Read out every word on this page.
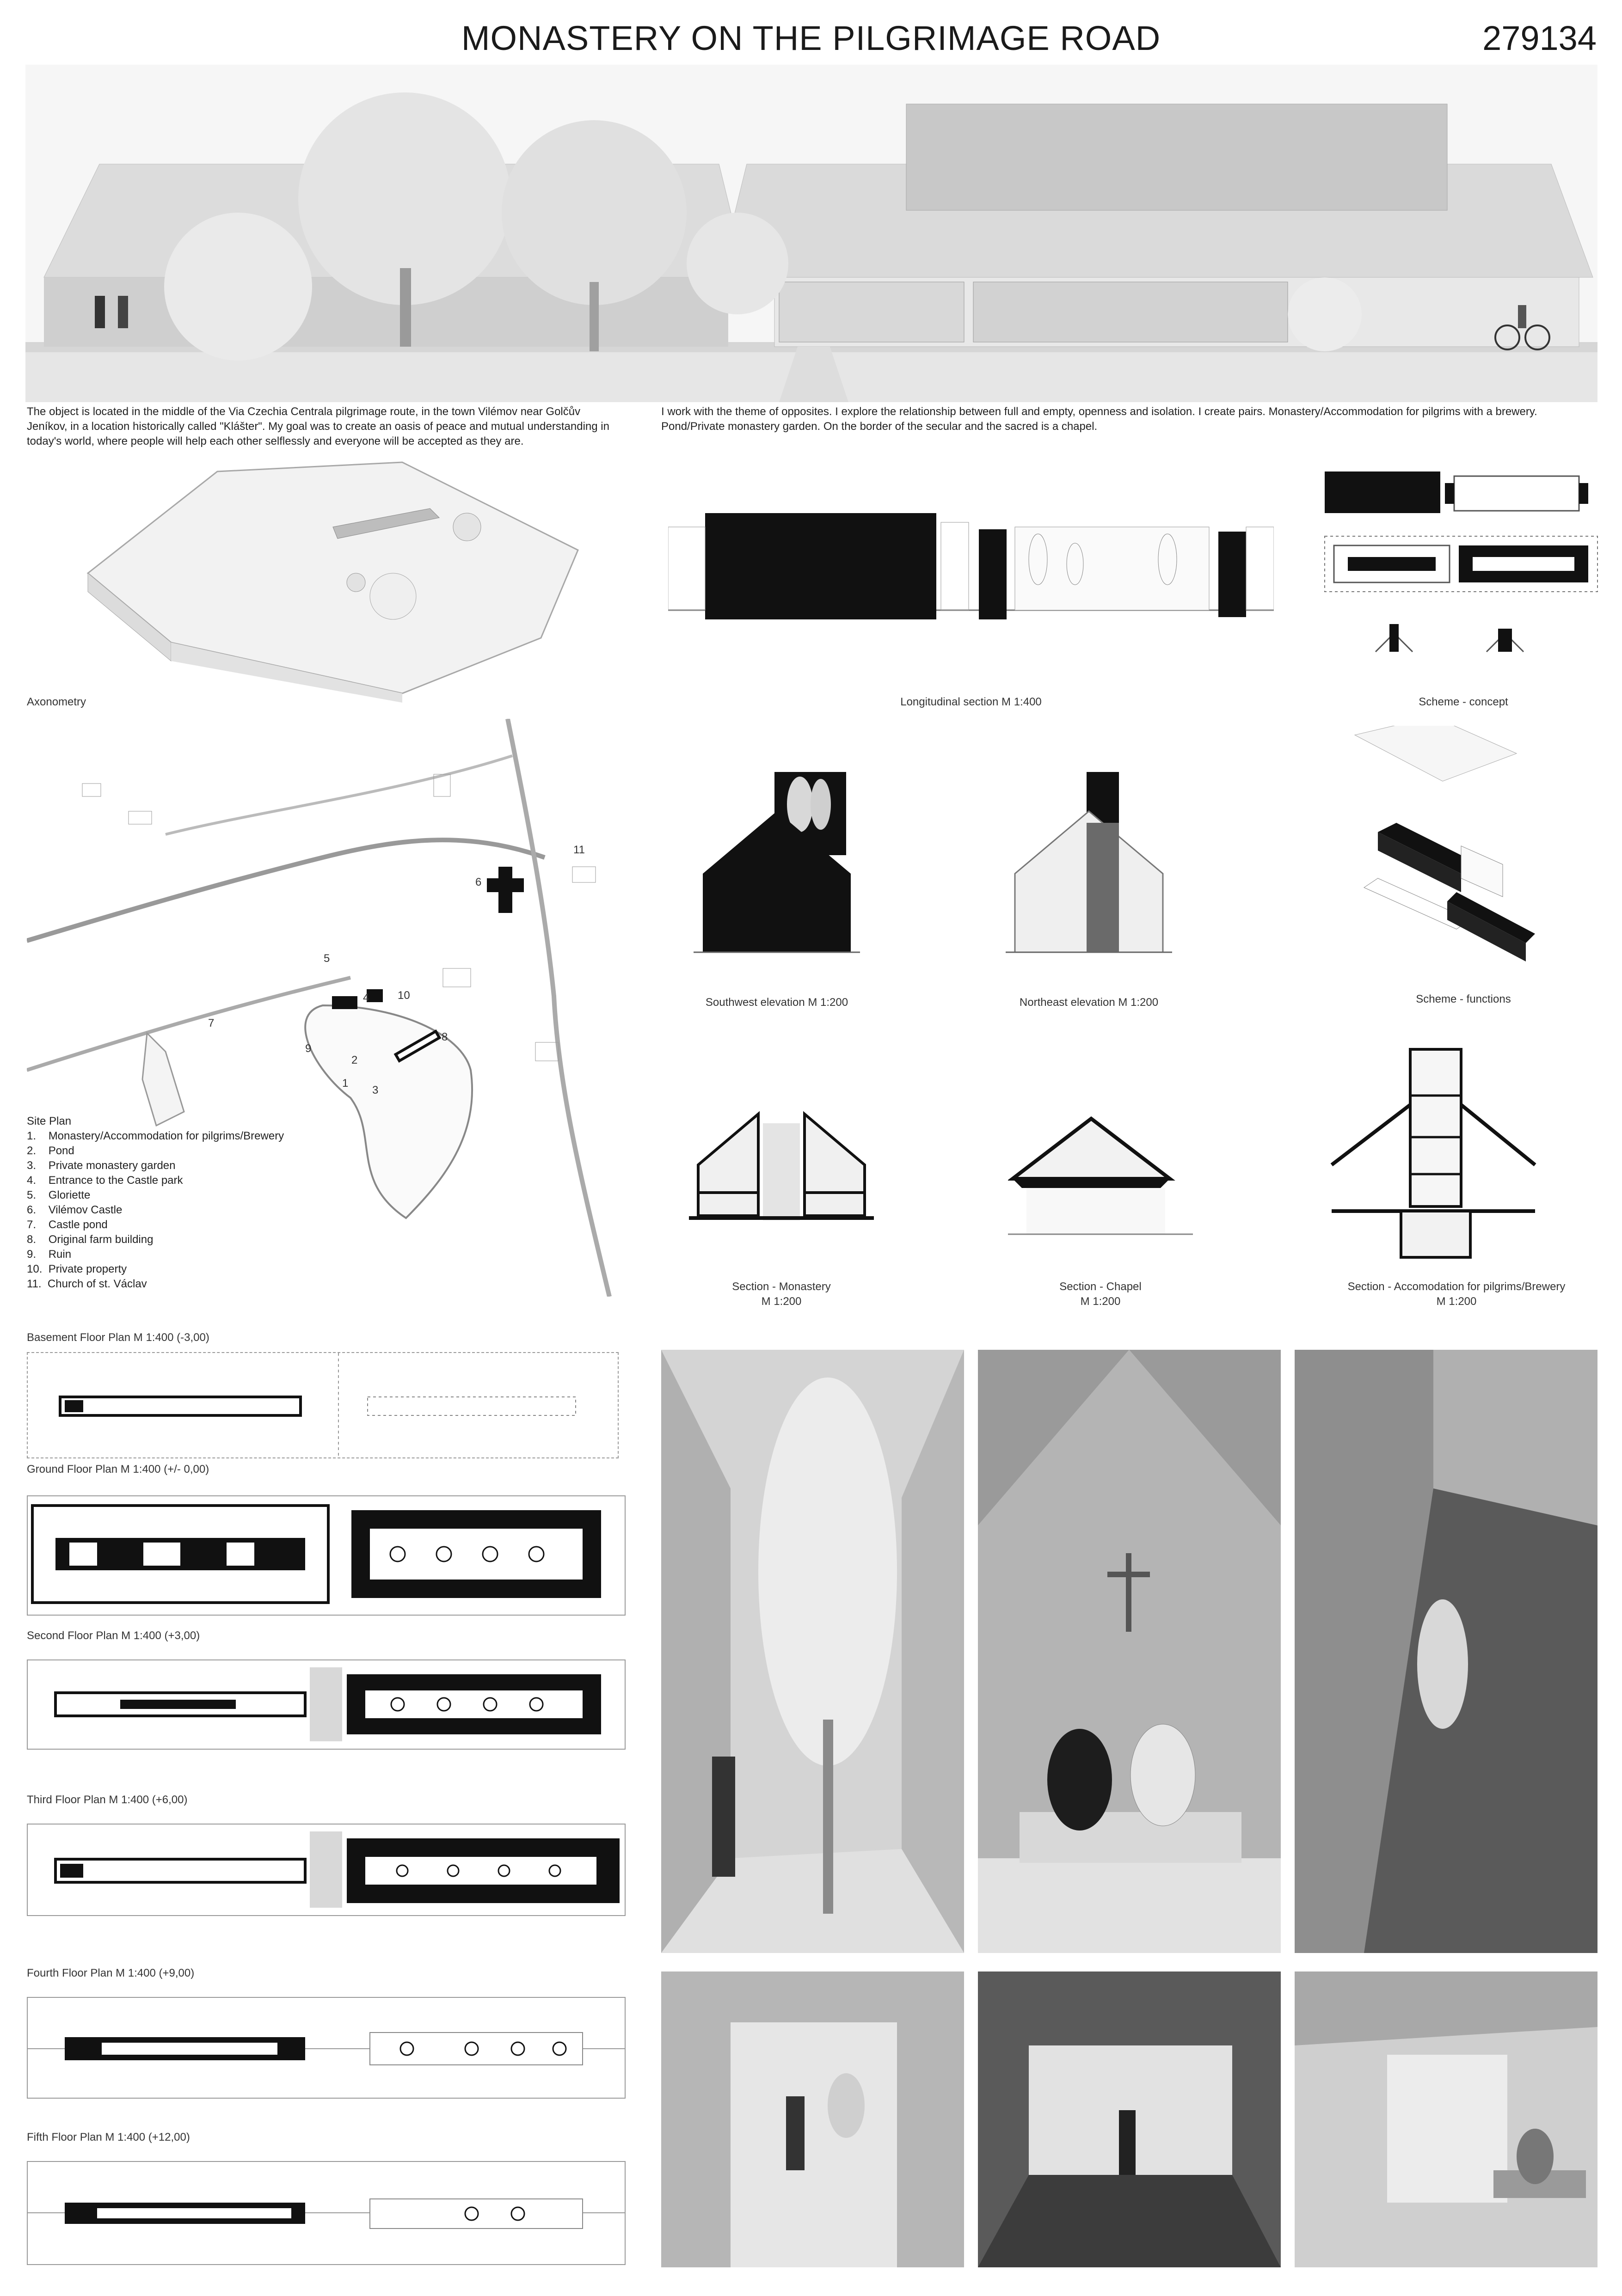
MONASTERY ON THE PILGRIMAGE ROAD	279134
The object is located in the middle of the Via Czechia Centrala pilgrimage route, in the town Vilémov near Golčův Jeníkov, in a location historically called "Klášter". My goal was to create an oasis of peace and mutual understanding in today's world, where people will help each other selflessly and everyone will be accepted as they are.
I work with the theme of opposites. I explore the relationship between full and empty, openness and isolation. I create pairs. Monastery/Accommodation for pilgrims with a brewery. Pond/Private monastery garden. On the border of the secular and the sacred is a chapel.
Axonometry	Longitudinal section M 1:400	Scheme - concept
1
2
3
4
5
6
7
8
9
10
11
Site Plan
1.    Monastery/Accommodation for pilgrims/Brewery
2.    Pond
3.    Private monastery garden
4.    Entrance to the Castle park
5.    Gloriette
6.    Vilémov Castle
7.    Castle pond
8.    Original farm building
9.    Ruin
10.  Private property
11.  Church of st. Václav
Southwest elevation M 1:200	Northeast elevation M 1:200	Scheme - functions
Section - Monastery
M 1:200
Section - Chapel
M 1:200
Section - Accomodation for pilgrims/Brewery
M 1:200
Basement Floor Plan M 1:400 (-3,00)
Ground Floor Plan M 1:400 (+/- 0,00)
Second Floor Plan M 1:400 (+3,00)
Third Floor Plan M 1:400 (+6,00)
Fourth Floor Plan M 1:400 (+9,00)
Fifth Floor Plan M 1:400 (+12,00)
